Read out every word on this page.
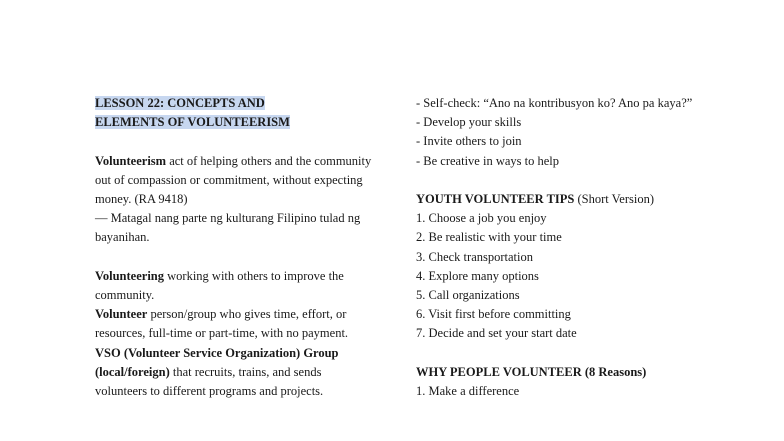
LESSON 22: CONCEPTS AND
ELEMENTS OF VOLUNTEERISM

Volunteerism act of helping others and the community out of compassion or commitment, without expecting money. (RA 9418)

— Matagal nang parte ng kulturang Filipino tulad ng bayanihan.

Volunteering working with others to improve the community.

Volunteer person/group who gives time, effort, or resources, full-time or part-time, with no payment.

VSO (Volunteer Service Organization) Group (local/foreign) that recruits, trains, and sends volunteers to different programs and projects.

- Self-check: “Ano na kontribusyon ko? Ano pa kaya?”
- Develop your skills
- Invite others to join
- Be creative in ways to help
YOUTH VOLUNTEER TIPS (Short Version)
1. Choose a job you enjoy
2. Be realistic with your time
3. Check transportation
4. Explore many options
5. Call organizations
6. Visit first before committing
7. Decide and set your start date
WHY PEOPLE VOLUNTEER (8 Reasons)
1. Make a difference
